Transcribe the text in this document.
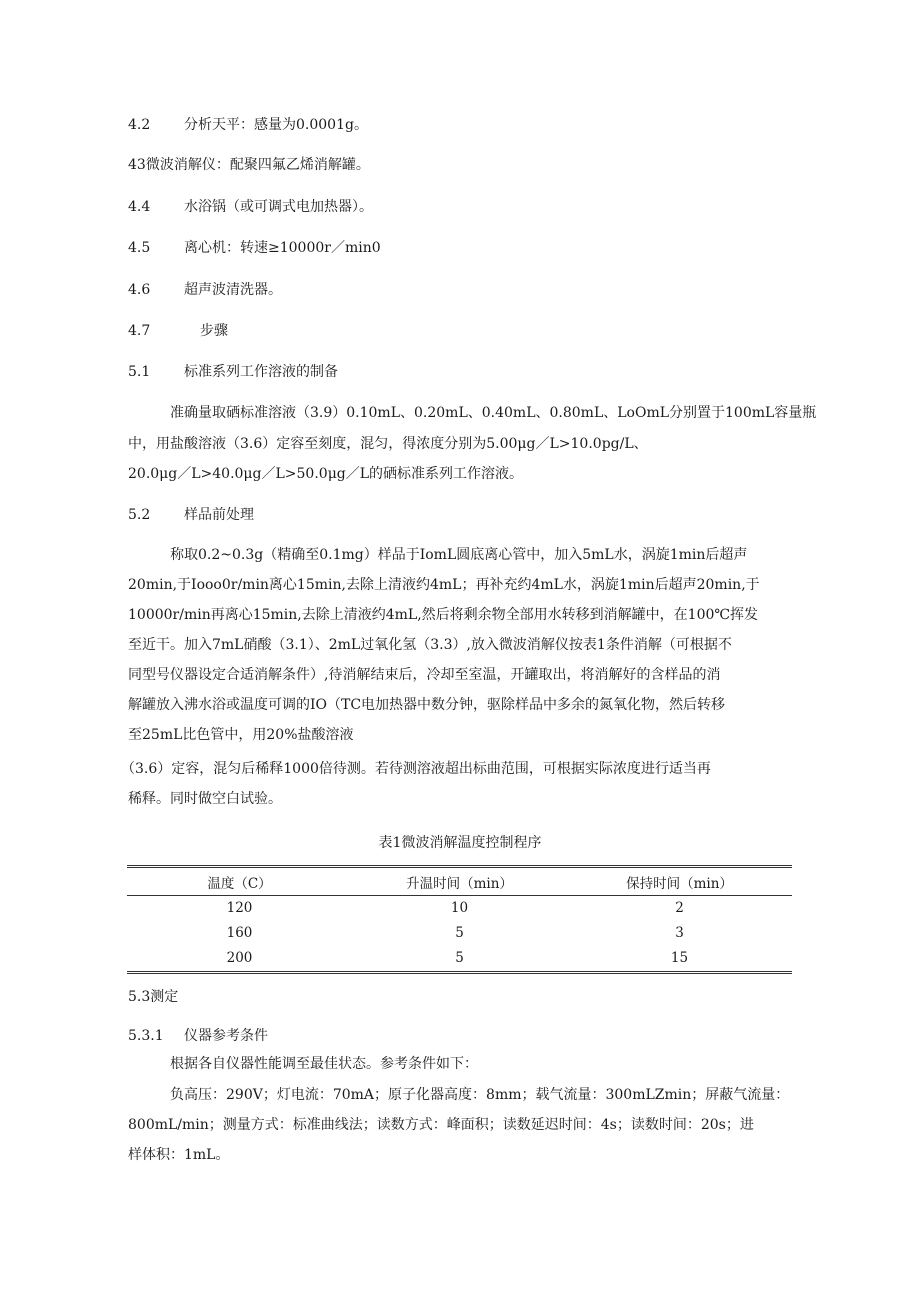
4.2 分析天平：感量为0.0001g。
43微波消解仪：配聚四氟乙烯消解罐。
4.4 水浴锅（或可调式电加热器）。
4.5 离心机：转速≥10000r／min0
4.6 超声波清洗器。
4.7	步骤
5.1 标准系列工作溶液的制备
准确量取硒标准溶液（3.9）0.10mL、0.20mL、0.40mL、0.80mL、LoOmL分别置于100mL容量瓶
中，用盐酸溶液（3.6）定容至刻度，混匀，得浓度分别为5.00μg／L>10.0pg/L、
20.0μg／L>40.0μg／L>50.0μg／L的硒标准系列工作溶液。
5.2 样品前处理
称取0.2~0.3g（精确至0.1mg）样品于IomL圆底离心管中，加入5mL水，涡旋1min后超声
20min,于Iooo0r/min离心15min,去除上清液约4mL；再补充约4mL水，涡旋1min后超声20min,于
10000r/min再离心15min,去除上清液约4mL,然后将剩余物全部用水转移到消解罐中，在100℃挥发
至近干。加入7mL硝酸（3.1）、2mL过氧化氢（3.3）,放入微波消解仪按表1条件消解（可根据不
同型号仪器设定合适消解条件）,待消解结束后，冷却至室温，开罐取出，将消解好的含样品的消
解罐放入沸水浴或温度可调的IO（TC电加热器中数分钟，驱除样品中多余的氮氧化物，然后转移
至25mL比色管中，用20%盐酸溶液
（3.6）定容，混匀后稀释1000倍待测。若待测溶液超出标曲范围，可根据实际浓度进行适当再
稀释。同时做空白试验。
表1微波消解温度控制程序
温度（C）	升温时间（min）	保持时间（min）
120	10	2
160	5	3
200	5	15
5.3测定
5.3.1 仪器参考条件
根据各自仪器性能调至最佳状态。参考条件如下：
负高压：290V；灯电流：70mA；原子化器高度：8mm；载气流量：300mLZmin；屏蔽气流量：
800mL/min；测量方式：标准曲线法；读数方式：峰面积；读数延迟时间：4s；读数时间：20s；进
样体积：1mL。
